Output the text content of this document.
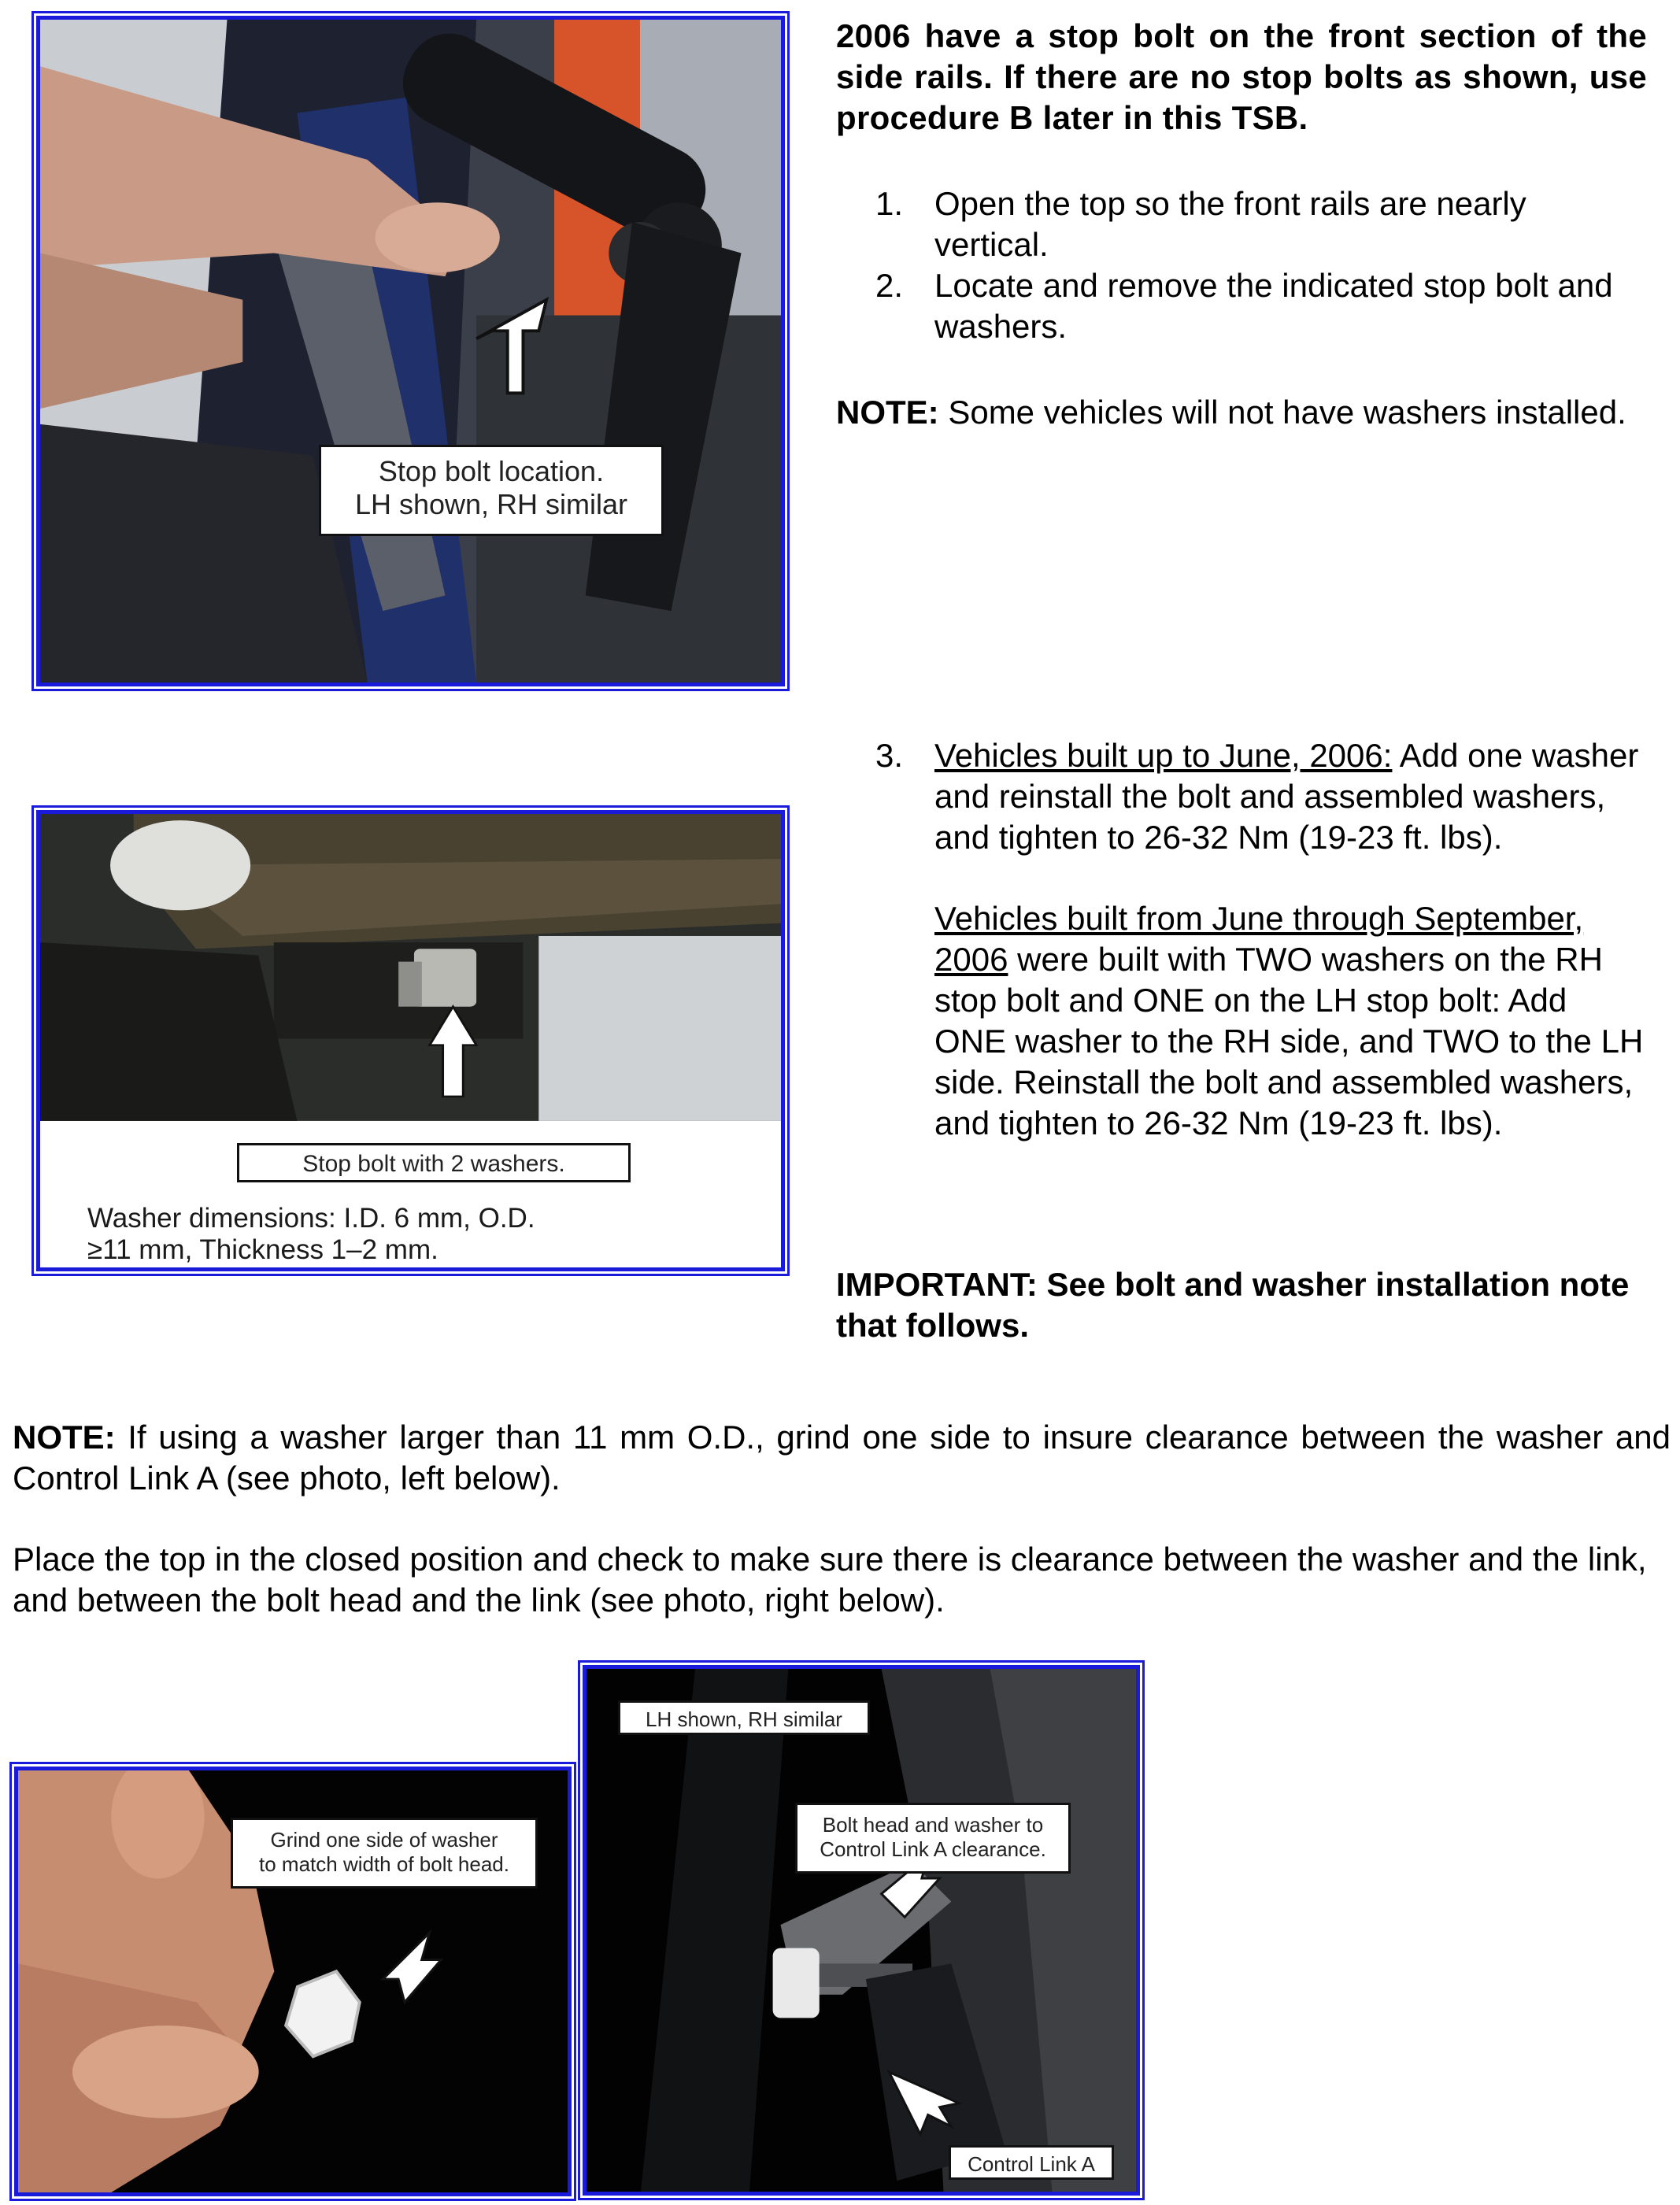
Stop bolt location.
LH shown, RH similar
Stop bolt with 2 washers.
Washer dimensions: I.D. 6 mm, O.D.
≥11 mm, Thickness 1–2 mm.
Grind one side of washer
to match width of bolt head.
LH shown, RH similar
Bolt head and washer to
Control Link A clearance.
Control Link A
2006 have a stop bolt on the front section of the side rails. If there are no stop bolts as shown, use procedure B later in this TSB.
1. Open the top so the front rails are nearly vertical.
2. Locate and remove the indicated stop bolt and washers.
NOTE: Some vehicles will not have washers installed.
3. Vehicles built up to June, 2006: Add one washer and reinstall the bolt and assembled washers, and tighten to 26-32 Nm (19-23 ft. lbs).
Vehicles built from June through September, 2006 were built with TWO washers on the RH stop bolt and ONE on the LH stop bolt: Add ONE washer to the RH side, and TWO to the LH side. Reinstall the bolt and assembled washers, and tighten to 26-32 Nm (19-23 ft. lbs).
IMPORTANT: See bolt and washer installation note that follows.
NOTE: If using a washer larger than 11 mm O.D., grind one side to insure clearance between the washer and Control Link A (see photo, left below).
Place the top in the closed position and check to make sure there is clearance between the washer and the link, and between the bolt head and the link (see photo, right below).
